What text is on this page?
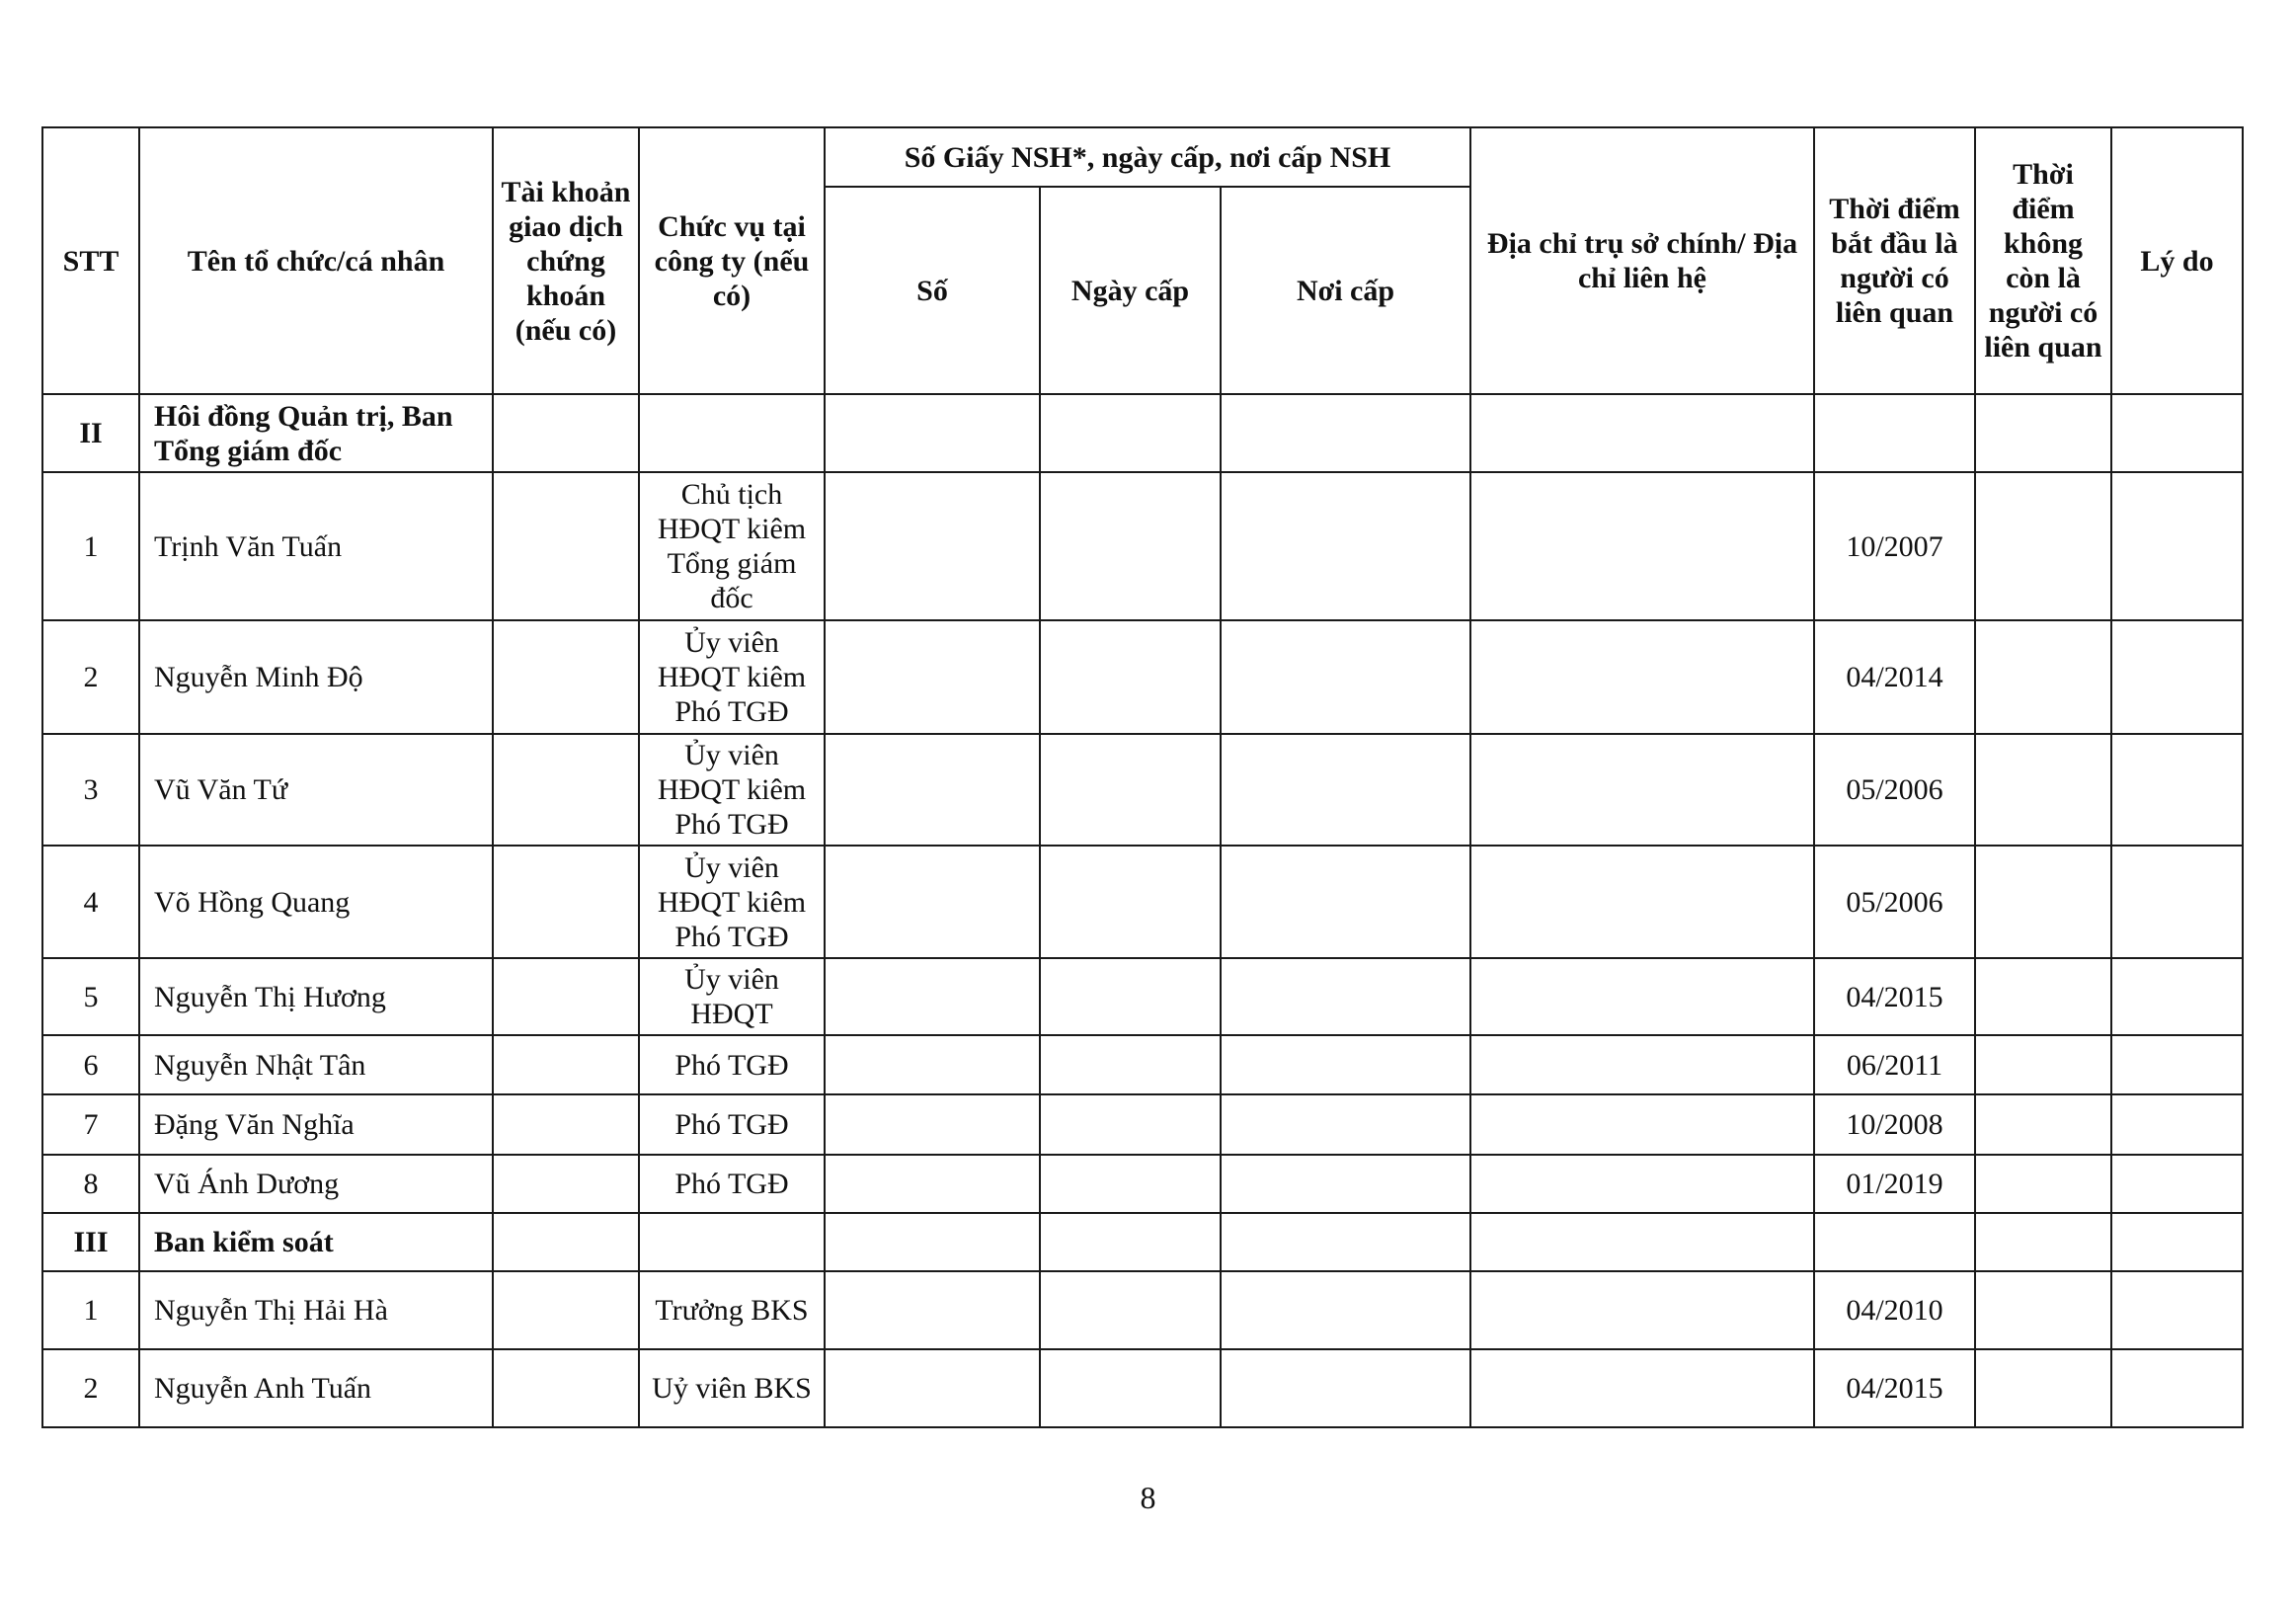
STT	Tên tổ chức/cá nhân	Tài khoản giao dịch chứng khoán (nếu có)	Chức vụ tại công ty (nếu có)	Số Giấy NSH*, ngày cấp, nơi cấp NSH			Địa chỉ trụ sở chính/ Địa chỉ liên hệ	Thời điểm bắt đầu là người có liên quan	Thời điểm không còn là người có liên quan	Lý do
				Số	Ngày cấp	Nơi cấp				
II	Hôi đồng Quản trị, Ban Tổng giám đốc									
1	Trịnh Văn Tuấn		Chủ tịch HĐQT kiêm Tổng giám đốc					10/2007		
2	Nguyễn Minh Độ		Ủy viên HĐQT kiêm Phó TGĐ					04/2014		
3	Vũ Văn Tứ		Ủy viên HĐQT kiêm Phó TGĐ					05/2006		
4	Võ Hồng Quang		Ủy viên HĐQT kiêm Phó TGĐ					05/2006		
5	Nguyễn Thị Hương		Ủy viên HĐQT					04/2015		
6	Nguyễn Nhật Tân		Phó TGĐ					06/2011		
7	Đặng Văn Nghĩa		Phó TGĐ					10/2008		
8	Vũ Ánh Dương		Phó TGĐ					01/2019		
III	Ban kiểm soát									
1	Nguyễn Thị Hải Hà		Trưởng BKS					04/2010		
2	Nguyễn Anh Tuấn		Uỷ viên BKS					04/2015		
8
